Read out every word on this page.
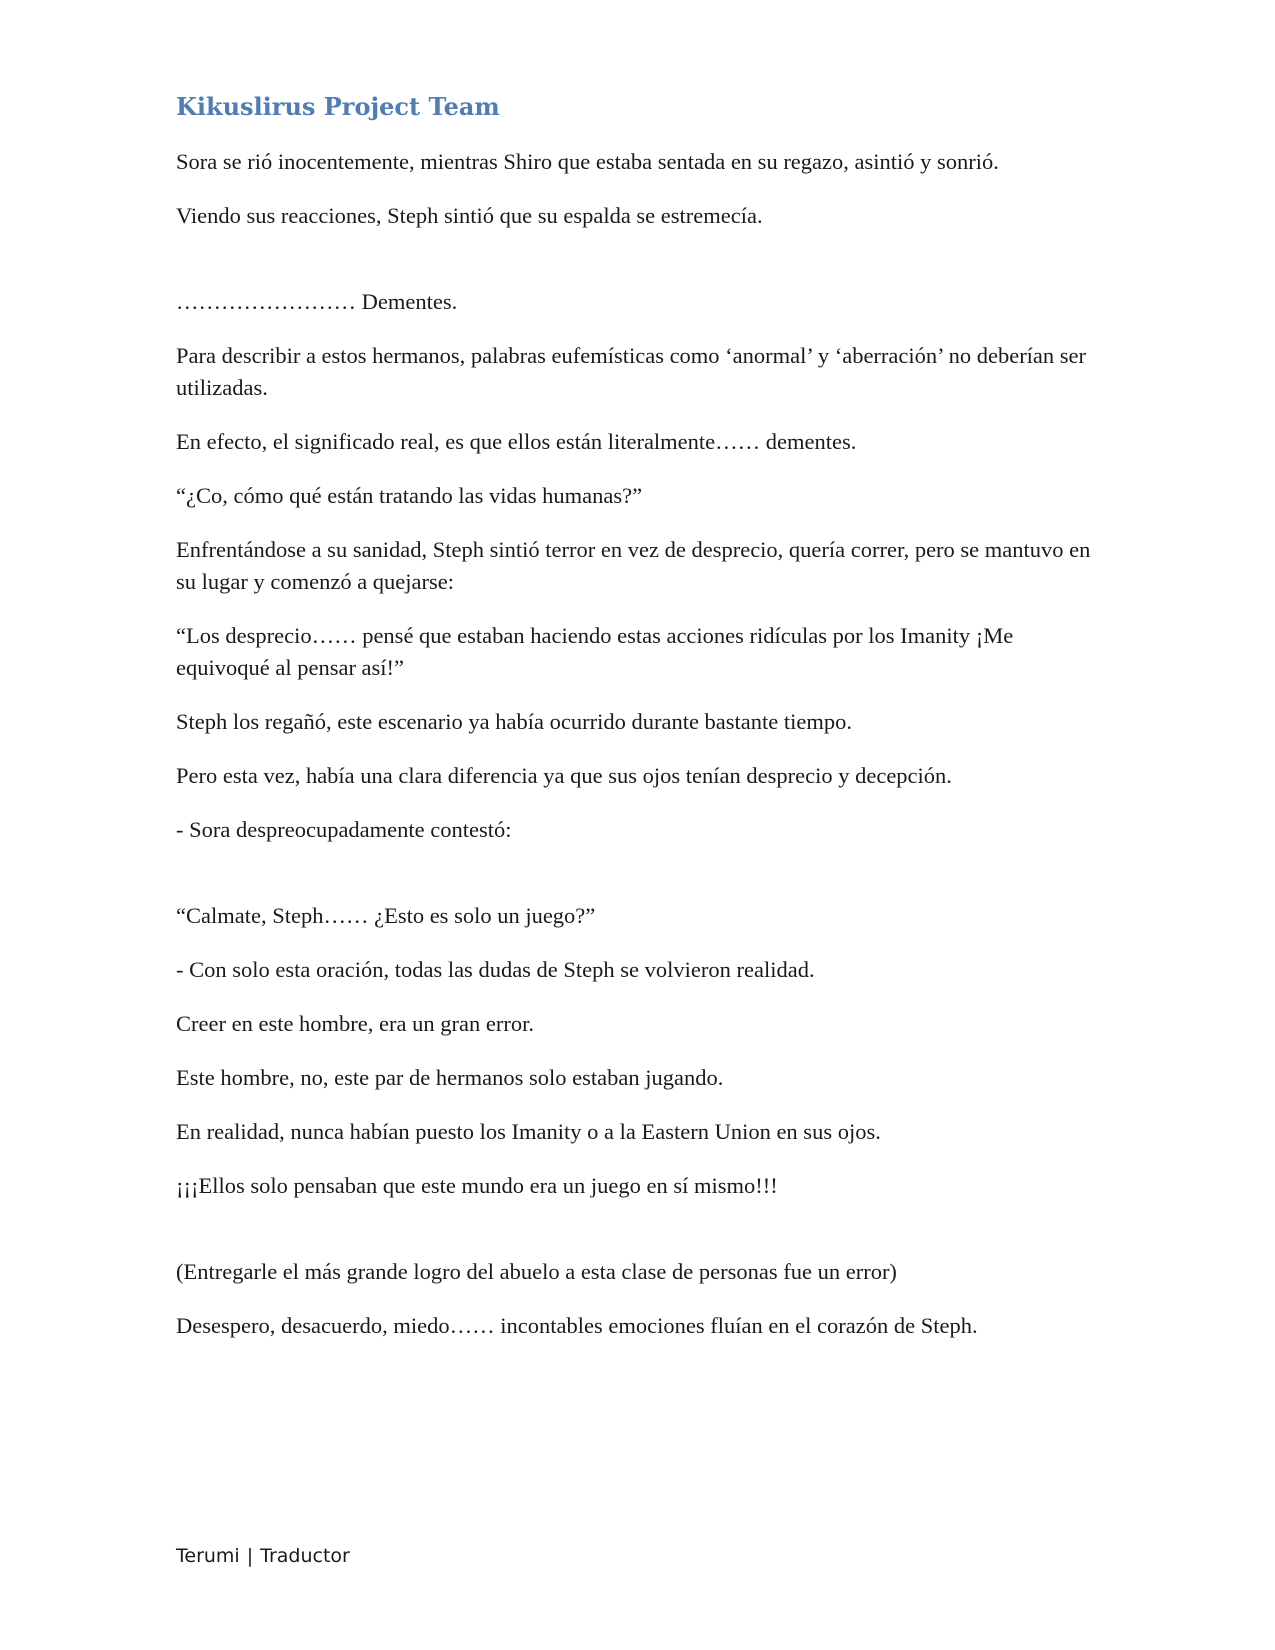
Kikuslirus Project Team

Sora se rió inocentemente, mientras Shiro que estaba sentada en su regazo, asintió y sonrió.

Viendo sus reacciones, Steph sintió que su espalda se estremecía.

…………………… Dementes.

Para describir a estos hermanos, palabras eufemísticas como ‘anormal’ y ‘aberración’ no deberían ser utilizadas.

En efecto, el significado real, es que ellos están literalmente…… dementes.

“¿Co, cómo qué están tratando las vidas humanas?”

Enfrentándose a su sanidad, Steph sintió terror en vez de desprecio, quería correr, pero se mantuvo en su lugar y comenzó a quejarse:

“Los desprecio…… pensé que estaban haciendo estas acciones ridículas por los Imanity ¡Me equivoqué al pensar así!”

Steph los regañó, este escenario ya había ocurrido durante bastante tiempo.

Pero esta vez, había una clara diferencia ya que sus ojos tenían desprecio y decepción.

- Sora despreocupadamente contestó:

“Calmate, Steph…… ¿Esto es solo un juego?”

- Con solo esta oración, todas las dudas de Steph se volvieron realidad.

Creer en este hombre, era un gran error.

Este hombre, no, este par de hermanos solo estaban jugando.

En realidad, nunca habían puesto los Imanity o a la Eastern Union en sus ojos.

¡¡¡Ellos solo pensaban que este mundo era un juego en sí mismo!!!

(Entregarle el más grande logro del abuelo a esta clase de personas fue un error)

Desespero, desacuerdo, miedo…… incontables emociones fluían en el corazón de Steph.

Terumi | Traductor
